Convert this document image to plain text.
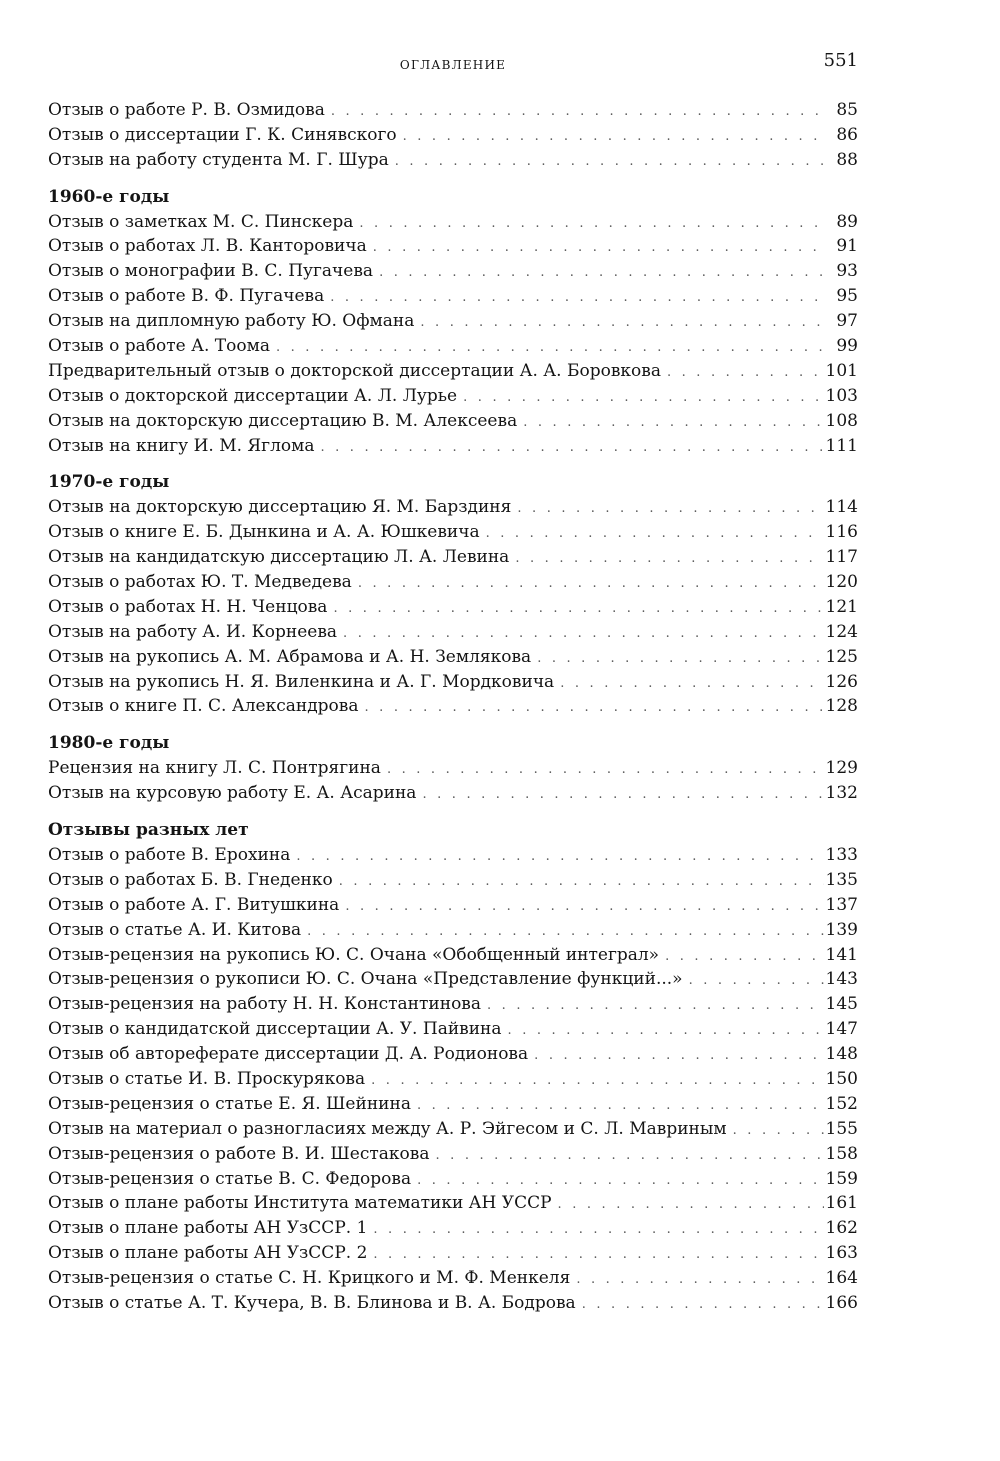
ОГЛАВЛЕНИЕ	551
Отзыв о работе Р. В. Озмидова . . .	85
Отзыв о диссертации Г. К. Синявского . . .	86
Отзыв на работу студента М. Г. Шура . . .	88
1960-е годы
Отзыв о заметках М. С. Пинскера . . .	89
Отзыв о работах Л. В. Канторовича . . .	91
Отзыв о монографии В. С. Пугачева . . .	93
Отзыв о работе В. Ф. Пугачева . . .	95
Отзыв на дипломную работу Ю. Офмана . . .	97
Отзыв о работе А. Тоома . . .	99
Предварительный отзыв о докторской диссертации А. А. Боровкова . . .	101
Отзыв о докторской диссертации А. Л. Лурье . . .	103
Отзыв на докторскую диссертацию В. М. Алексеева . . .	108
Отзыв на книгу И. М. Яглома . . .	111
1970-е годы
Отзыв на докторскую диссертацию Я. М. Барздиня . . .	114
Отзыв о книге Е. Б. Дынкина и А. А. Юшкевича . . .	116
Отзыв на кандидатскую диссертацию Л. А. Левина . . .	117
Отзыв о работах Ю. Т. Медведева . . .	120
Отзыв о работах Н. Н. Ченцова . . .	121
Отзыв на работу А. И. Корнеева . . .	124
Отзыв на рукопись А. М. Абрамова и А. Н. Землякова . . .	125
Отзыв на рукопись Н. Я. Виленкина и А. Г. Мордковича . . .	126
Отзыв о книге П. С. Александрова . . .	128
1980-е годы
Рецензия на книгу Л. С. Понтрягина . . .	129
Отзыв на курсовую работу Е. А. Асарина . . .	132
Отзывы разных лет
Отзыв о работе В. Ерохина . . .	133
Отзыв о работах Б. В. Гнеденко . . .	135
Отзыв о работе А. Г. Витушкина . . .	137
Отзыв о статье А. И. Китова . . .	139
Отзыв-рецензия на рукопись Ю. С. Очана «Обобщенный интеграл» . . .	141
Отзыв-рецензия о рукописи Ю. С. Очана «Представление функций...» . . .	143
Отзыв-рецензия на работу Н. Н. Константинова . . .	145
Отзыв о кандидатской диссертации А. У. Пайвина . . .	147
Отзыв об автореферате диссертации Д. А. Родионова . . .	148
Отзыв о статье И. В. Проскурякова . . .	150
Отзыв-рецензия о статье Е. Я. Шейнина . . .	152
Отзыв на материал о разногласиях между А. Р. Эйгесом и С. Л. Мавриным . . .	155
Отзыв-рецензия о работе В. И. Шестакова . . .	158
Отзыв-рецензия о статье В. С. Федорова . . .	159
Отзыв о плане работы Института математики АН УССР . . .	161
Отзыв о плане работы АН УзССР. 1 . . .	162
Отзыв о плане работы АН УзССР. 2 . . .	163
Отзыв-рецензия о статье С. Н. Крицкого и М. Ф. Менкеля . . .	164
Отзыв о статье А. Т. Кучера, В. В. Блинова и В. А. Бодрова . . .	166
